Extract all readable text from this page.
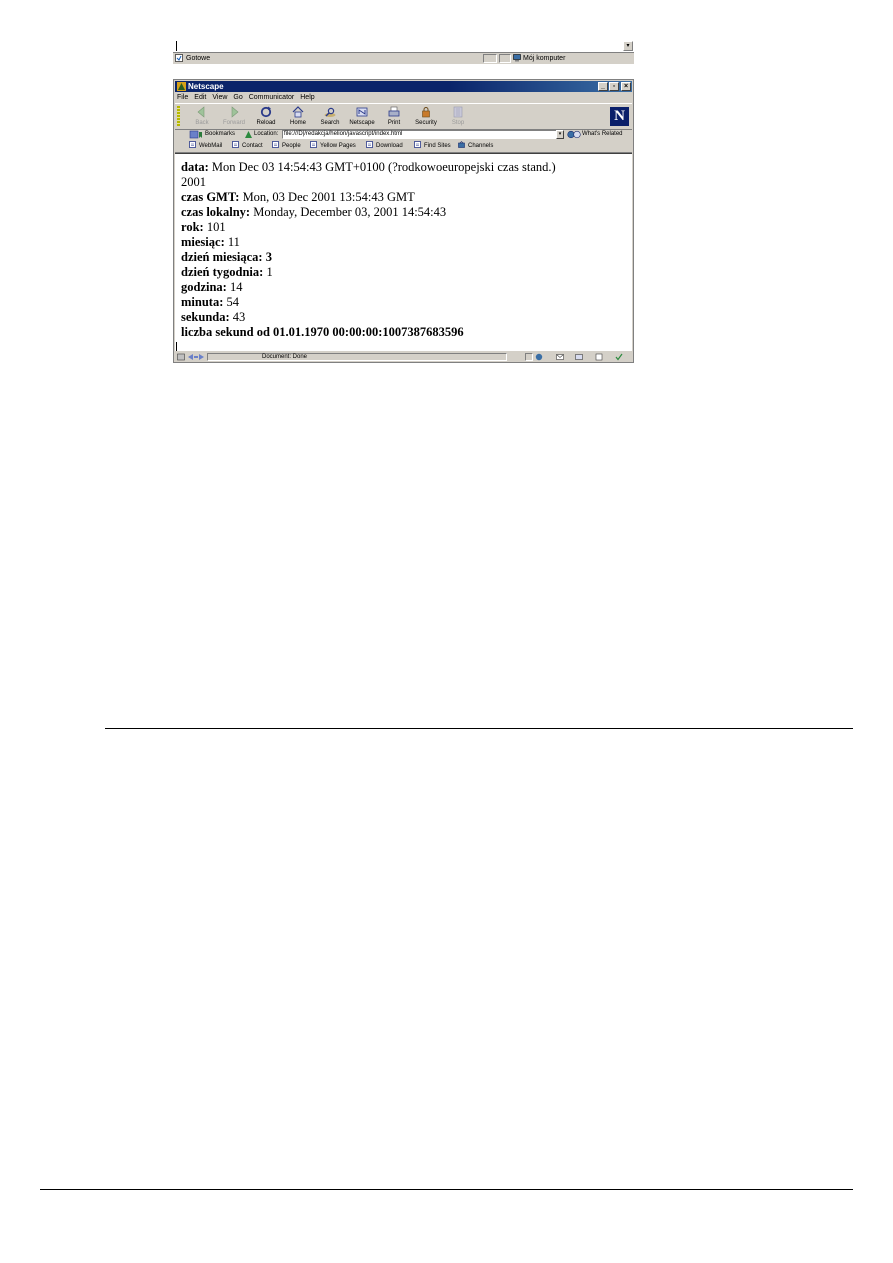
▾
Gotowe	Mój komputer
Netscape	_	▫	×
File Edit View Go Communicator Help
Back	Forward	Reload	Home	Search	Netscape	Print	Security	Stop	N
Bookmarks	Location: file:///D|/redakcja/helion/javascript/index.html	▾	What's Related
WebMail	Contact	People	Yellow Pages	Download	Find Sites	Channels
data: Mon Dec 03 14:54:43 GMT+0100 (?rodkowoeuropejski czas stand.)
2001
czas GMT: Mon, 03 Dec 2001 13:54:43 GMT
czas lokalny: Monday, December 03, 2001 14:54:43
rok: 101
miesiąc: 11
dzień miesiąca: 3
dzień tygodnia: 1
godzina: 14
minuta: 54
sekunda: 43
liczba sekund od 01.01.1970 00:00:00:1007387683596
Document: Done
